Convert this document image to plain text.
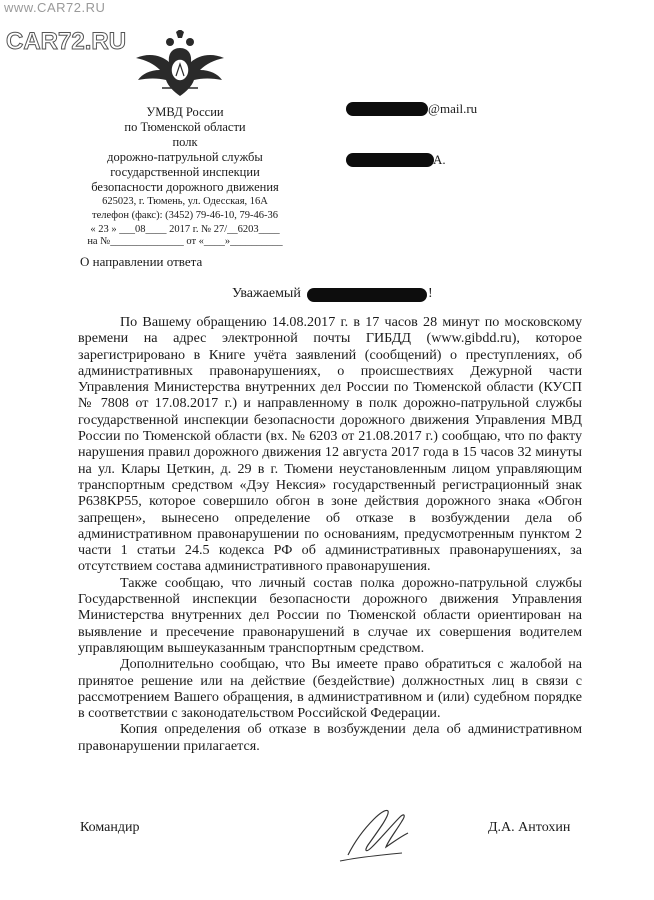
www.CAR72.RU
CAR72.RU
УМВД России
по Тюменской области
полк
дорожно-патрульной службы
государственной инспекции
безопасности дорожного движения
625023, г. Тюмень, ул. Одесская, 16А
телефон (факс): (3452) 79-46-10, 79-46-36
« 23 » ___08____ 2017 г. № 27/__6203____
на №______________ от «____»__________
@mail.ru
А.
О направлении ответа
Уважаемый	!

По Вашему обращению 14.08.2017 г. в 17 часов 28 минут по московскому времени на адрес электронной почты ГИБДД (www.gibdd.ru), которое зарегистрировано в Книге учёта заявлений (сообщений) о преступлениях, об административных правонарушениях, о происшествиях Дежурной части Управления Министерства внутренних дел России по Тюменской области (КУСП № 7808 от 17.08.2017 г.) и направленному в полк дорожно-патрульной службы государственной инспекции безопасности дорожного движения Управления МВД России по Тюменской области (вх. № 6203 от 21.08.2017 г.) сообщаю, что по факту нарушения правил дорожного движения 12 августа 2017 года в 15 часов 32 минуты на ул. Клары Цеткин, д. 29 в г. Тюмени неустановленным лицом управляющим транспортным средством «Дэу Нексия» государственный регистрационный знак Р638КР55, которое совершило обгон в зоне действия дорожного знака «Обгон запрещен», вынесено определение об отказе в возбуждении дела об административном правонарушении по основаниям, предусмотренным пунктом 2 части 1 статьи 24.5 кодекса РФ об административных правонарушениях, за отсутствием состава административного правонарушения.

Также сообщаю, что личный состав полка дорожно-патрульной службы Государственной инспекции безопасности дорожного движения Управления Министерства внутренних дел России по Тюменской области ориентирован на выявление и пресечение правонарушений в случае их совершения водителем управляющим вышеуказанным транспортным средством.

Дополнительно сообщаю, что Вы имеете право обратиться с жалобой на принятое решение или на действие (бездействие) должностных лиц в связи с рассмотрением Вашего обращения, в административном и (или) судебном порядке в соответствии с законодательством Российской Федерации.

Копия определения об отказе в возбуждении дела об административном правонарушении прилагается.

Командир	Д.А. Антохин
